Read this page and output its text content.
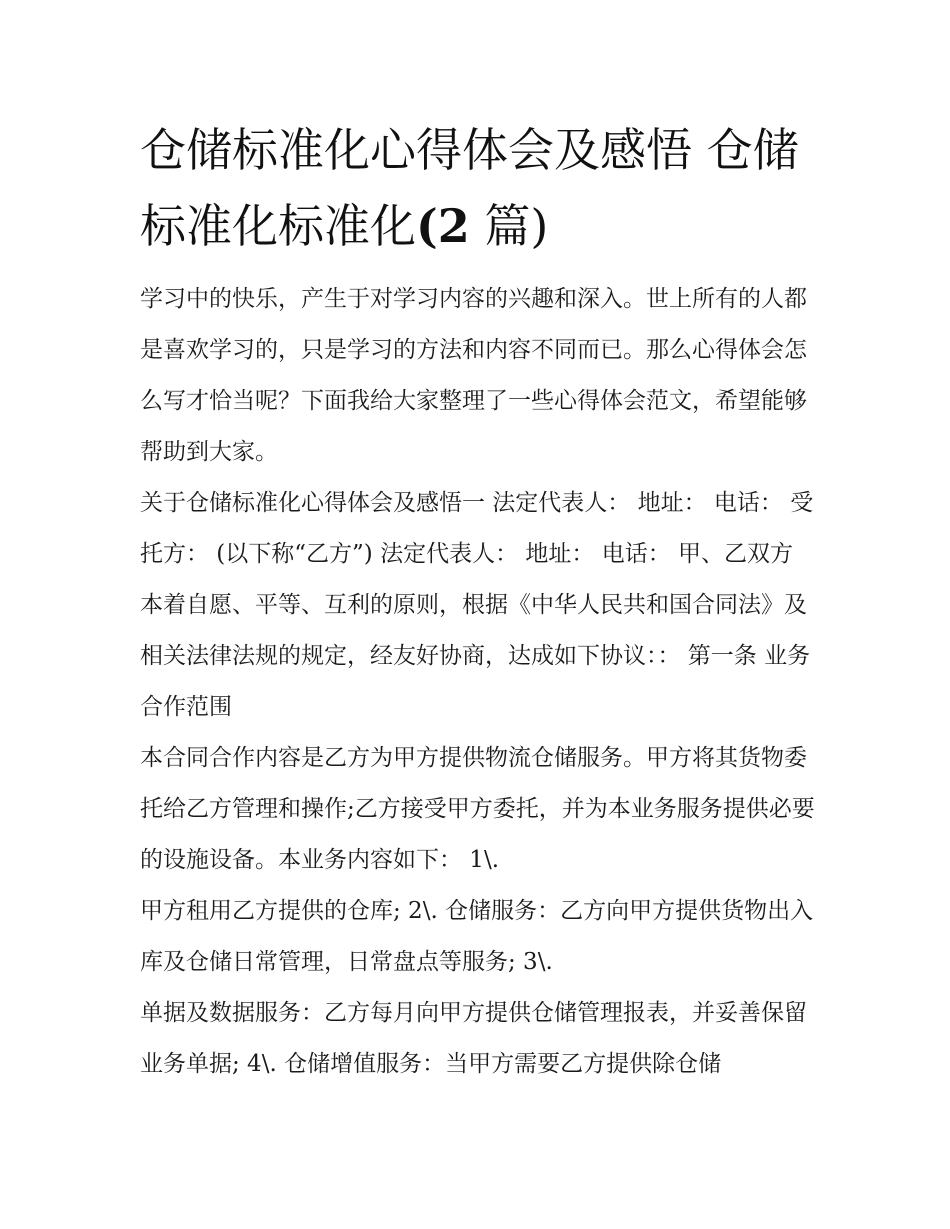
仓储标准化心得体会及感悟 仓储标准化标准化(2 篇)

学习中的快乐，产生于对学习内容的兴趣和深入。世上所有的人都是喜欢学习的，只是学习的方法和内容不同而已。那么心得体会怎么写才恰当呢？下面我给大家整理了一些心得体会范文，希望能够帮助到大家。

关于仓储标准化心得体会及感悟一 法定代表人： 地址： 电话： 受托方： (以下称“乙方”) 法定代表人： 地址： 电话： 甲、乙双方本着自愿、平等、互利的原则，根据《中华人民共和国合同法》及相关法律法规的规定，经友好协商，达成如下协议：： 第一条 业务合作范围

本合同合作内容是乙方为甲方提供物流仓储服务。甲方将其货物委托给乙方管理和操作;乙方接受甲方委托，并为本业务服务提供必要的设施设备。本业务内容如下： 1\.

甲方租用乙方提供的仓库; 2\. 仓储服务：乙方向甲方提供货物出入库及仓储日常管理，日常盘点等服务; 3\.

单据及数据服务：乙方每月向甲方提供仓储管理报表，并妥善保留业务单据; 4\. 仓储增值服务：当甲方需要乙方提供除仓储
